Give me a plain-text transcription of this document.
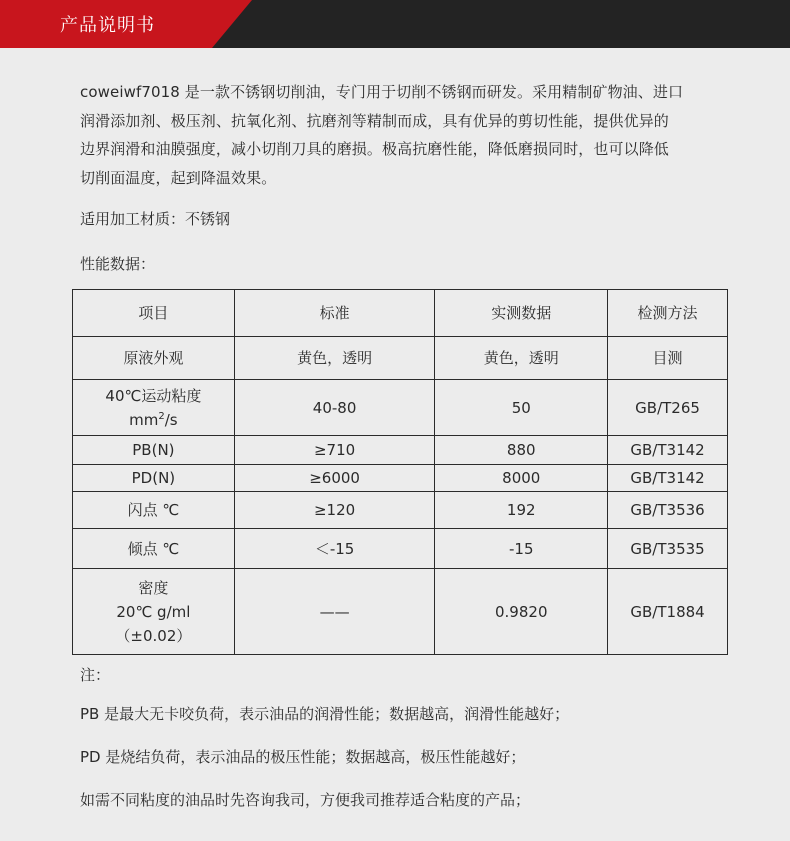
产品说明书
coweiwf7018 是一款不锈钢切削油，专门用于切削不锈钢而研发。采用精制矿物油、进口
润滑添加剂、极压剂、抗氧化剂、抗磨剂等精制而成，具有优异的剪切性能，提供优异的
边界润滑和油膜强度，减小切削刀具的磨损。极高抗磨性能，降低磨损同时，也可以降低
切削面温度，起到降温效果。
适用加工材质：不锈钢
性能数据：
项目	标准	实测数据	检测方法
原液外观	黄色，透明	黄色，透明	目测

40℃运动粘度
$mm^2/s$	40-80	50	GB/T265
PB(N)	≥710	880	GB/T3142
PD(N)	≥6000	8000	GB/T3142
闪点 ℃	≥120	192	GB/T3536
倾点 ℃	＜-15	-15	GB/T3535

密度
20℃ g/ml
（±0.02）	——	0.9820	GB/T1884
注：
PB 是最大无卡咬负荷，表示油品的润滑性能；数据越高，润滑性能越好；
PD 是烧结负荷，表示油品的极压性能；数据越高，极压性能越好；
如需不同粘度的油品时先咨询我司，方便我司推荐适合粘度的产品；
